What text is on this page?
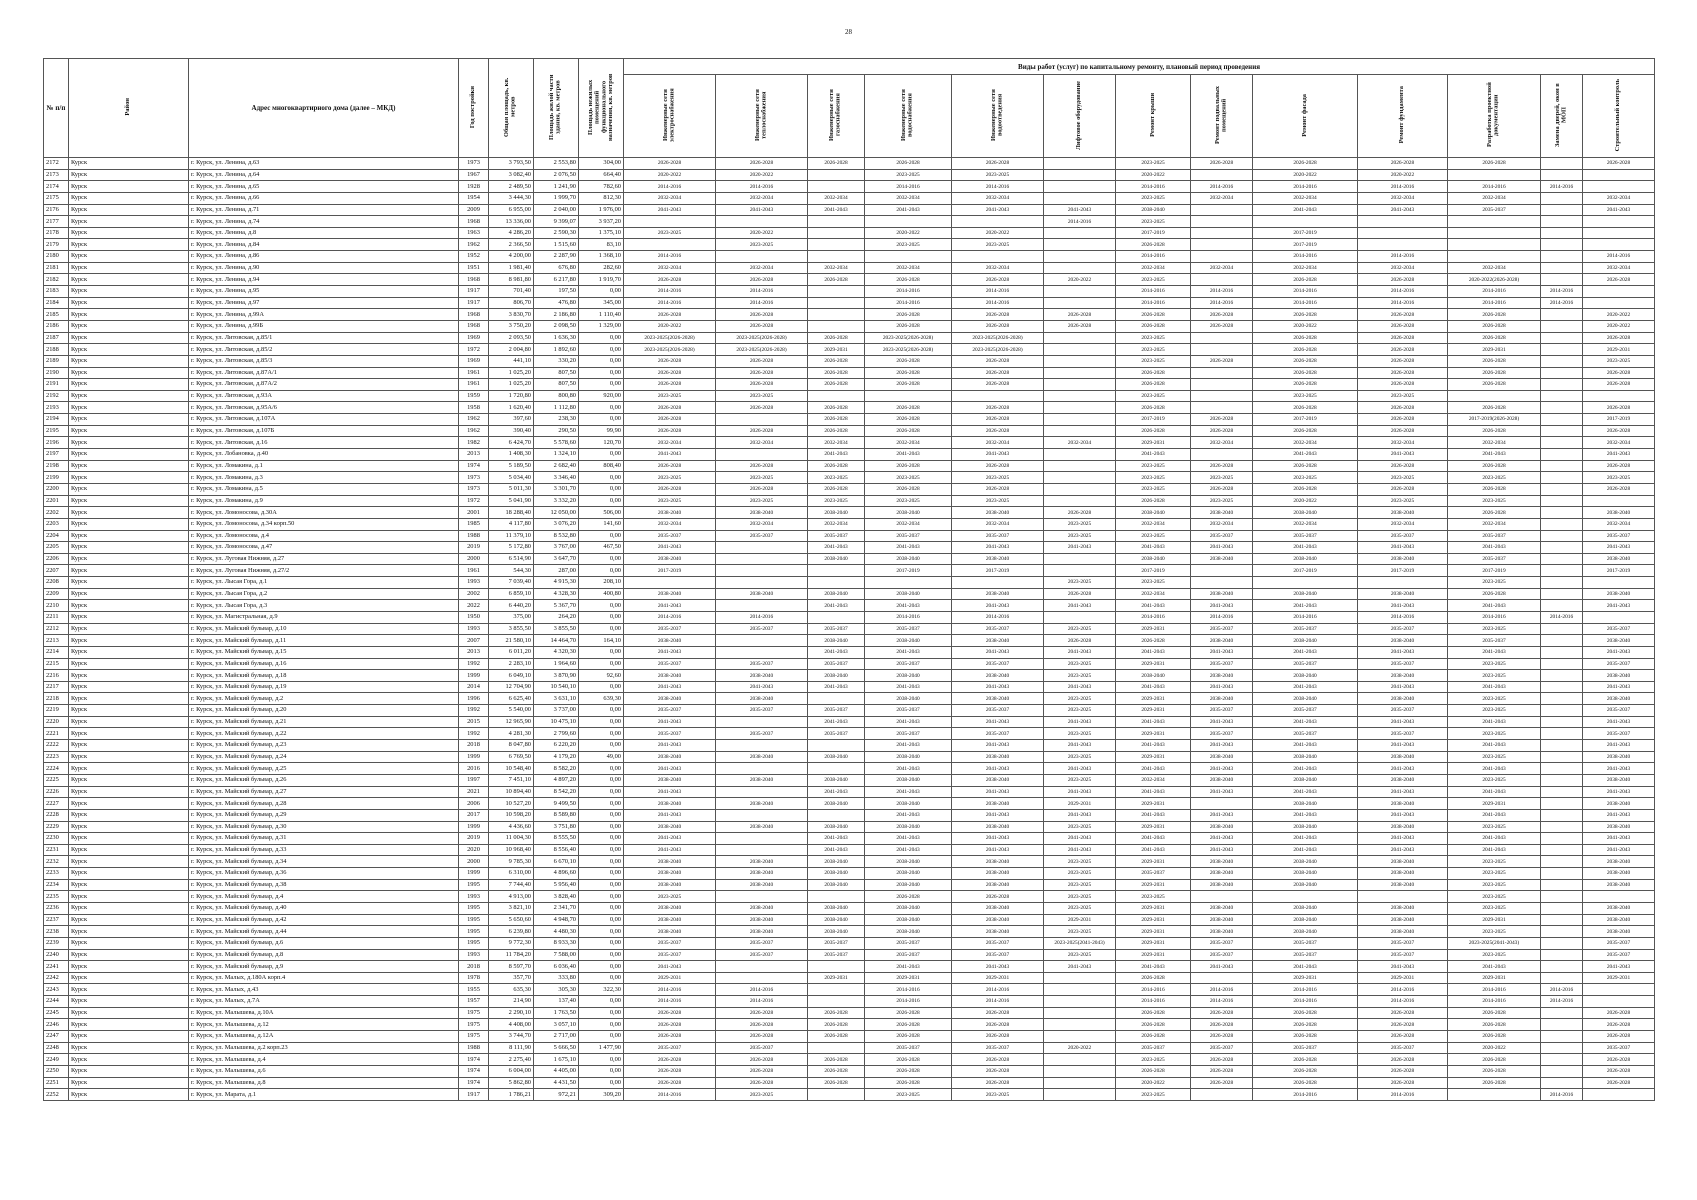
28
№ п/п	Район	Адрес многоквартирного дома (далее – МКД)	Год постройки	Общая площадь, кв. метров	Площадь жилой части здания, кв. метров	Площадь нежилых помещений функционального назначения, кв. метров	Виды работ (услуг) по капитальному ремонту, плановый период проведения												
							Инженерные сети электроснабжения	Инженерные сети теплоснабжения	Инженерные сети газоснабжения	Инженерные сети водоснабжения	Инженерные сети водоотведения	Лифтовое оборудование	Ремонт крыши	Ремонт подвальных помещений	Ремонт фасада	Ремонт фундамента	Разработка проектной документации	Замена дверей, окон в МОП	Строительный контроль
2172	Курск	г. Курск, ул. Ленина, д.63	1973	3 793,50	2 553,80	304,00	2026-2028	2026-2028	2026-2028	2026-2028	2026-2028		2023-2025	2026-2028	2026-2028	2026-2028	2026-2028		2026-2028
2173	Курск	г. Курск, ул. Ленина, д.64	1967	3 082,40	2 076,50	664,40	2020-2022	2020-2022		2023-2025	2023-2025		2020-2022		2020-2022	2020-2022			
2174	Курск	г. Курск, ул. Ленина, д.65	1928	2 489,50	1 241,90	782,60	2014-2016	2014-2016		2014-2016	2014-2016		2014-2016	2014-2016	2014-2016	2014-2016	2014-2016	2014-2016	
2175	Курск	г. Курск, ул. Ленина, д.66	1954	3 444,30	1 999,70	812,30	2032-2034	2032-2034	2032-2034	2032-2034	2032-2034		2023-2025	2032-2034	2032-2034	2032-2034	2032-2034		2032-2034
2176	Курск	г. Курск, ул. Ленина, д.71	2009	6 955,00	2 040,00	1 976,00	2041-2043	2041-2043	2041-2043	2041-2043	2041-2043	2041-2043	2038-2040		2041-2043	2041-2043	2035-2037		2041-2043
2177	Курск	г. Курск, ул. Ленина, д.74	1968	13 336,00	9 399,07	3 937,20						2014-2016	2023-2025						
2178	Курск	г. Курск, ул. Ленина, д.8	1963	4 286,20	2 590,30	1 375,10	2023-2025	2020-2022		2020-2022	2020-2022		2017-2019		2017-2019				
2179	Курск	г. Курск, ул. Ленина, д.84	1962	2 366,50	1 515,60	83,10		2023-2025		2023-2025	2023-2025		2026-2028		2017-2019				
2180	Курск	г. Курск, ул. Ленина, д.86	1952	4 200,00	2 287,90	1 368,10	2014-2016						2014-2016		2014-2016	2014-2016			2014-2016
2181	Курск	г. Курск, ул. Ленина, д.90	1951	1 981,40	676,80	282,60	2032-2034	2032-2034	2032-2034	2032-2034	2032-2034		2032-2034	2032-2034	2032-2034	2032-2034	2032-2034		2032-2034
2182	Курск	г. Курск, ул. Ленина, д.94	1968	8 981,80	6 217,80	1 919,70	2026-2028	2026-2028	2026-2028	2026-2028	2026-2028	2020-2022	2023-2025		2026-2028	2026-2028	2020-2022(2026-2028)		2026-2028
2183	Курск	г. Курск, ул. Ленина, д.95	1917	701,40	197,50	0,00	2014-2016	2014-2016		2014-2016	2014-2016		2014-2016	2014-2016	2014-2016	2014-2016	2014-2016	2014-2016	
2184	Курск	г. Курск, ул. Ленина, д.97	1917	806,70	476,80	345,00	2014-2016	2014-2016		2014-2016	2014-2016		2014-2016	2014-2016	2014-2016	2014-2016	2014-2016	2014-2016	
2185	Курск	г. Курск, ул. Ленина, д.99А	1968	3 830,70	2 186,80	1 110,40	2026-2028	2026-2028		2026-2028	2026-2028	2026-2028	2026-2028	2026-2028	2026-2028	2026-2028	2026-2028		2020-2022
2186	Курск	г. Курск, ул. Ленина, д.99Б	1968	3 750,20	2 098,50	1 329,00	2020-2022	2026-2028		2026-2028	2026-2028	2026-2028	2026-2028	2026-2028	2020-2022	2026-2028	2026-2028		2020-2022
2187	Курск	г. Курск, ул. Литовская, д.85/1	1969	2 093,50	1 636,30	0,00	2023-2025(2026-2028)	2023-2025(2026-2028)	2026-2028	2023-2025(2026-2028)	2023-2025(2026-2028)		2023-2025		2026-2028	2026-2028	2026-2028		2026-2028
2188	Курск	г. Курск, ул. Литовская, д.85/2	1972	2 004,80	1 892,60	0,00	2023-2025(2026-2028)	2023-2025(2026-2028)	2029-2031	2023-2025(2026-2028)	2023-2025(2026-2028)		2023-2025		2026-2028	2026-2028	2029-2031		2029-2031
2189	Курск	г. Курск, ул. Литовская, д.85/3	1969	441,10	330,20	0,00	2026-2028	2026-2028	2026-2028	2026-2028	2026-2028		2023-2025	2026-2028	2026-2028	2026-2028	2026-2028		2023-2025
2190	Курск	г. Курск, ул. Литовская, д.87А/1	1961	1 025,20	807,50	0,00	2026-2028	2026-2028	2026-2028	2026-2028	2026-2028		2026-2028		2026-2028	2026-2028	2026-2028		2026-2028
2191	Курск	г. Курск, ул. Литовская, д.87А/2	1961	1 025,20	807,50	0,00	2026-2028	2026-2028	2026-2028	2026-2028	2026-2028		2026-2028		2026-2028	2026-2028	2026-2028		2026-2028
2192	Курск	г. Курск, ул. Литовская, д.93А	1959	1 720,80	800,80	920,00	2023-2025	2023-2025					2023-2025		2023-2025	2023-2025			
2193	Курск	г. Курск, ул. Литовская, д.95А/6	1958	1 620,40	1 112,80	0,00	2026-2028	2026-2028	2026-2028	2026-2028	2026-2028		2026-2028		2026-2028	2026-2028	2026-2028		2026-2028
2194	Курск	г. Курск, ул. Литовская, д.107А	1962	397,60	238,30	0,00	2026-2028		2026-2028	2026-2028	2026-2028		2017-2019	2026-2028	2017-2019	2026-2028	2017-2019(2026-2028)		2017-2019
2195	Курск	г. Курск, ул. Литовская, д.107Б	1962	390,40	290,50	99,90	2026-2028	2026-2028	2026-2028	2026-2028	2026-2028		2026-2028	2026-2028	2026-2028	2026-2028	2026-2028		2026-2028
2196	Курск	г. Курск, ул. Литовская, д.16	1982	6 424,70	5 578,60	120,70	2032-2034	2032-2034	2032-2034	2032-2034	2032-2034	2032-2034	2029-2031	2032-2034	2032-2034	2032-2034	2032-2034		2032-2034
2197	Курск	г. Курск, ул. Лобановка, д.40	2013	1 408,30	1 324,10	0,00	2041-2043		2041-2043	2041-2043	2041-2043		2041-2043		2041-2043	2041-2043	2041-2043		2041-2043
2198	Курск	г. Курск, ул. Ломакина, д.1	1974	5 189,50	2 682,40	808,40	2026-2028	2026-2028	2026-2028	2026-2028	2026-2028		2023-2025	2026-2028	2026-2028	2026-2028	2026-2028		2026-2028
2199	Курск	г. Курск, ул. Ломакина, д.3	1973	5 034,40	3 346,40	0,00	2023-2025	2023-2025	2023-2025	2023-2025	2023-2025		2023-2025	2023-2025	2023-2025	2023-2025	2023-2025		2023-2025
2200	Курск	г. Курск, ул. Ломакина, д.5	1973	5 011,30	3 301,70	0,00	2026-2028	2026-2028	2026-2028	2026-2028	2026-2028		2023-2025	2026-2028	2026-2028	2026-2028	2026-2028		2026-2028
2201	Курск	г. Курск, ул. Ломакина, д.9	1972	5 041,90	3 332,20	0,00	2023-2025	2023-2025	2023-2025	2023-2025	2023-2025		2026-2028	2023-2025	2020-2022	2023-2025	2023-2025		
2202	Курск	г. Курск, ул. Ломоносова, д.30А	2001	18 288,40	12 050,00	506,00	2038-2040	2038-2040	2038-2040	2038-2040	2038-2040	2026-2028	2038-2040	2038-2040	2038-2040	2038-2040	2026-2028		2038-2040
2203	Курск	г. Курск, ул. Ломоносова, д.34 корп.50	1985	4 117,80	3 076,20	141,60	2032-2034	2032-2034	2032-2034	2032-2034	2032-2034	2023-2025	2032-2034	2032-2034	2032-2034	2032-2034	2032-2034		2032-2034
2204	Курск	г. Курск, ул. Ломоносова, д.4	1988	11 379,10	8 532,80	0,00	2035-2037	2035-2037	2035-2037	2035-2037	2035-2037	2023-2025	2023-2025	2035-2037	2035-2037	2035-2037	2035-2037		2035-2037
2205	Курск	г. Курск, ул. Ломоносова, д.47	2019	5 172,80	3 767,00	467,50	2041-2043		2041-2043	2041-2043	2041-2043	2041-2043	2041-2043	2041-2043	2041-2043	2041-2043	2041-2043		2041-2043
2206	Курск	г. Курск, ул. Луговая Нижняя, д.27	2000	6 514,90	3 647,70	0,00	2038-2040		2038-2040	2038-2040	2038-2040		2038-2040	2038-2040	2038-2040	2038-2040	2035-2037		2038-2040
2207	Курск	г. Курск, ул. Луговая Нижняя, д.27/2	1961	544,30	287,00	0,00	2017-2019			2017-2019	2017-2019		2017-2019		2017-2019	2017-2019	2017-2019		2017-2019
2208	Курск	г. Курск, ул. Лысая Гора, д.1	1993	7 039,40	4 915,30	208,10						2023-2025	2023-2025				2023-2025		
2209	Курск	г. Курск, ул. Лысая Гора, д.2	2002	6 859,10	4 328,30	400,80	2038-2040	2038-2040	2038-2040	2038-2040	2038-2040	2026-2028	2032-2034	2038-2040	2038-2040	2038-2040	2026-2028		2038-2040
2210	Курск	г. Курск, ул. Лысая Гора, д.3	2022	6 440,20	5 367,70	0,00	2041-2043		2041-2043	2041-2043	2041-2043	2041-2043	2041-2043	2041-2043	2041-2043	2041-2043	2041-2043		2041-2043
2211	Курск	г. Курск, ул. Магистральная, д.9	1950	375,00	264,20	0,00	2014-2016	2014-2016		2014-2016	2014-2016		2014-2016	2014-2016	2014-2016	2014-2016	2014-2016	2014-2016	
2212	Курск	г. Курск, ул. Майский бульвар, д.10	1993	3 855,50	3 855,50	0,00	2035-2037	2035-2037	2035-2037	2035-2037	2035-2037	2023-2025	2029-2031	2035-2037	2035-2037	2035-2037	2023-2025		2035-2037
2213	Курск	г. Курск, ул. Майский бульвар, д.11	2007	21 580,10	14 464,70	164,10	2038-2040		2038-2040	2038-2040	2038-2040	2026-2028	2026-2028	2038-2040	2038-2040	2038-2040	2035-2037		2038-2040
2214	Курск	г. Курск, ул. Майский бульвар, д.15	2013	6 011,20	4 320,30	0,00	2041-2043		2041-2043	2041-2043	2041-2043	2041-2043	2041-2043	2041-2043	2041-2043	2041-2043	2041-2043		2041-2043
2215	Курск	г. Курск, ул. Майский бульвар, д.16	1992	2 283,10	1 964,60	0,00	2035-2037	2035-2037	2035-2037	2035-2037	2035-2037	2023-2025	2029-2031	2035-2037	2035-2037	2035-2037	2023-2025		2035-2037
2216	Курск	г. Курск, ул. Майский бульвар, д.18	1999	6 049,10	3 870,90	92,60	2038-2040	2038-2040	2038-2040	2038-2040	2038-2040	2023-2025	2038-2040	2038-2040	2038-2040	2038-2040	2023-2025		2038-2040
2217	Курск	г. Курск, ул. Майский бульвар, д.19	2014	12 704,90	10 540,10	0,00	2041-2043	2041-2043	2041-2043	2041-2043	2041-2043	2041-2043	2041-2043	2041-2043	2041-2043	2041-2043	2041-2043		2041-2043
2218	Курск	г. Курск, ул. Майский бульвар, д.2	1996	6 625,40	3 631,10	639,30	2038-2040	2038-2040		2038-2040	2038-2040	2023-2025	2029-2031	2038-2040	2038-2040	2038-2040	2023-2025		2038-2040
2219	Курск	г. Курск, ул. Майский бульвар, д.20	1992	5 540,00	3 737,00	0,00	2035-2037	2035-2037	2035-2037	2035-2037	2035-2037	2023-2025	2029-2031	2035-2037	2035-2037	2035-2037	2023-2025		2035-2037
2220	Курск	г. Курск, ул. Майский бульвар, д.21	2015	12 965,90	10 475,10	0,00	2041-2043		2041-2043	2041-2043	2041-2043	2041-2043	2041-2043	2041-2043	2041-2043	2041-2043	2041-2043		2041-2043
2221	Курск	г. Курск, ул. Майский бульвар, д.22	1992	4 281,30	2 799,60	0,00	2035-2037	2035-2037	2035-2037	2035-2037	2035-2037	2023-2025	2029-2031	2035-2037	2035-2037	2035-2037	2023-2025		2035-2037
2222	Курск	г. Курск, ул. Майский бульвар, д.23	2018	8 047,80	6 220,20	0,00	2041-2043			2041-2043	2041-2043	2041-2043	2041-2043	2041-2043	2041-2043	2041-2043	2041-2043		2041-2043
2223	Курск	г. Курск, ул. Майский бульвар, д.24	1999	6 769,50	4 179,20	49,00	2038-2040	2038-2040	2038-2040	2038-2040	2038-2040	2023-2025	2029-2031	2038-2040	2038-2040	2038-2040	2023-2025		2038-2040
2224	Курск	г. Курск, ул. Майский бульвар, д.25	2016	10 548,40	8 582,20	0,00	2041-2043			2041-2043	2041-2043	2041-2043	2041-2043	2041-2043	2041-2043	2041-2043	2041-2043		2041-2043
2225	Курск	г. Курск, ул. Майский бульвар, д.26	1997	7 451,10	4 897,20	0,00	2038-2040	2038-2040	2038-2040	2038-2040	2038-2040	2023-2025	2032-2034	2038-2040	2038-2040	2038-2040	2023-2025		2038-2040
2226	Курск	г. Курск, ул. Майский бульвар, д.27	2021	10 894,40	8 542,20	0,00	2041-2043		2041-2043	2041-2043	2041-2043	2041-2043	2041-2043	2041-2043	2041-2043	2041-2043	2041-2043		2041-2043
2227	Курск	г. Курск, ул. Майский бульвар, д.28	2006	10 527,20	9 499,50	0,00	2038-2040	2038-2040	2038-2040	2038-2040	2038-2040	2029-2031	2029-2031		2038-2040	2038-2040	2029-2031		2038-2040
2228	Курск	г. Курск, ул. Майский бульвар, д.29	2017	10 598,20	8 589,80	0,00	2041-2043			2041-2043	2041-2043	2041-2043	2041-2043	2041-2043	2041-2043	2041-2043	2041-2043		2041-2043
2229	Курск	г. Курск, ул. Майский бульвар, д.30	1999	4 436,60	3 751,80	0,00	2038-2040	2038-2040	2038-2040	2038-2040	2038-2040	2023-2025	2029-2031	2038-2040	2038-2040	2038-2040	2023-2025		2038-2040
2230	Курск	г. Курск, ул. Майский бульвар, д.31	2019	11 004,30	8 555,50	0,00	2041-2043		2041-2043	2041-2043	2041-2043	2041-2043	2041-2043	2041-2043	2041-2043	2041-2043	2041-2043		2041-2043
2231	Курск	г. Курск, ул. Майский бульвар, д.33	2020	10 968,40	8 556,40	0,00	2041-2043		2041-2043	2041-2043	2041-2043	2041-2043	2041-2043	2041-2043	2041-2043	2041-2043	2041-2043		2041-2043
2232	Курск	г. Курск, ул. Майский бульвар, д.34	2000	9 785,30	6 670,10	0,00	2038-2040	2038-2040	2038-2040	2038-2040	2038-2040	2023-2025	2029-2031	2038-2040	2038-2040	2038-2040	2023-2025		2038-2040
2233	Курск	г. Курск, ул. Майский бульвар, д.36	1999	6 310,00	4 896,60	0,00	2038-2040	2038-2040	2038-2040	2038-2040	2038-2040	2023-2025	2035-2037	2038-2040	2038-2040	2038-2040	2023-2025		2038-2040
2234	Курск	г. Курск, ул. Майский бульвар, д.38	1995	7 744,40	5 956,40	0,00	2038-2040	2038-2040	2038-2040	2038-2040	2038-2040	2023-2025	2029-2031	2038-2040	2038-2040	2038-2040	2023-2025		2038-2040
2235	Курск	г. Курск, ул. Майский бульвар, д.4	1993	4 913,00	3 828,40	0,00	2023-2025			2026-2028	2026-2028	2023-2025	2023-2025				2023-2025		
2236	Курск	г. Курск, ул. Майский бульвар, д.40	1995	3 821,10	2 341,70	0,00	2038-2040	2038-2040	2038-2040	2038-2040	2038-2040	2023-2025	2029-2031	2038-2040	2038-2040	2038-2040	2023-2025		2038-2040
2237	Курск	г. Курск, ул. Майский бульвар, д.42	1995	5 650,60	4 948,70	0,00	2038-2040	2038-2040	2038-2040	2038-2040	2038-2040	2029-2031	2029-2031	2038-2040	2038-2040	2038-2040	2029-2031		2038-2040
2238	Курск	г. Курск, ул. Майский бульвар, д.44	1995	6 239,80	4 480,30	0,00	2038-2040	2038-2040	2038-2040	2038-2040	2038-2040	2023-2025	2029-2031	2038-2040	2038-2040	2038-2040	2023-2025		2038-2040
2239	Курск	г. Курск, ул. Майский бульвар, д.6	1995	9 772,30	8 933,30	0,00	2035-2037	2035-2037	2035-2037	2035-2037	2035-2037	2023-2025(2041-2043)	2029-2031	2035-2037	2035-2037	2035-2037	2023-2025(2041-2043)		2035-2037
2240	Курск	г. Курск, ул. Майский бульвар, д.8	1993	11 784,20	7 588,00	0,00	2035-2037	2035-2037	2035-2037	2035-2037	2035-2037	2023-2025	2029-2031	2035-2037	2035-2037	2035-2037	2023-2025		2035-2037
2241	Курск	г. Курск, ул. Майский бульвар, д.9	2018	8 597,70	6 036,40	0,00	2041-2043			2041-2043	2041-2043	2041-2043	2041-2043	2041-2043	2041-2043	2041-2043	2041-2043		2041-2043
2242	Курск	г. Курск, ул. Малых, д.180А корп.4	1978	357,70	333,80	0,00	2029-2031		2029-2031	2029-2031	2029-2031		2026-2028		2029-2031	2029-2031	2029-2031		2029-2031
2243	Курск	г. Курск, ул. Малых, д.43	1955	635,30	305,30	322,30	2014-2016	2014-2016		2014-2016	2014-2016		2014-2016	2014-2016	2014-2016	2014-2016	2014-2016	2014-2016	
2244	Курск	г. Курск, ул. Малых, д.7А	1957	214,90	137,40	0,00	2014-2016	2014-2016		2014-2016	2014-2016		2014-2016	2014-2016	2014-2016	2014-2016	2014-2016	2014-2016	
2245	Курск	г. Курск, ул. Малышева, д.10А	1975	2 290,10	1 763,50	0,00	2026-2028	2026-2028	2026-2028	2026-2028	2026-2028		2026-2028	2026-2028	2026-2028	2026-2028	2026-2028		2026-2028
2246	Курск	г. Курск, ул. Малышева, д.12	1975	4 408,00	3 057,10	0,00	2026-2028	2026-2028	2026-2028	2026-2028	2026-2028		2026-2028	2026-2028	2026-2028	2026-2028	2026-2028		2026-2028
2247	Курск	г. Курск, ул. Малышева, д.12А	1975	3 744,70	2 717,00	0,00	2026-2028	2026-2028	2026-2028	2026-2028	2026-2028		2026-2028	2026-2028	2026-2028	2026-2028	2026-2028		2026-2028
2248	Курск	г. Курск, ул. Малышева, д.2 корп.23	1988	8 111,90	5 666,50	1 477,90	2035-2037	2035-2037		2035-2037	2035-2037	2020-2022	2035-2037	2035-2037	2035-2037	2035-2037	2020-2022		2035-2037
2249	Курск	г. Курск, ул. Малышева, д.4	1974	2 275,40	1 675,10	0,00	2026-2028	2026-2028	2026-2028	2026-2028	2026-2028		2023-2025	2026-2028	2026-2028	2026-2028	2026-2028		2026-2028
2250	Курск	г. Курск, ул. Малышева, д.6	1974	6 004,00	4 405,00	0,00	2026-2028	2026-2028	2026-2028	2026-2028	2026-2028		2026-2028	2026-2028	2026-2028	2026-2028	2026-2028		2026-2028
2251	Курск	г. Курск, ул. Малышева, д.8	1974	5 862,80	4 431,50	0,00	2026-2028	2026-2028	2026-2028	2026-2028	2026-2028		2020-2022	2026-2028	2026-2028	2026-2028	2026-2028		2026-2028
2252	Курск	г. Курск, ул. Марата, д.1	1917	1 786,21	972,21	309,20	2014-2016	2023-2025		2023-2025	2023-2025		2023-2025		2014-2016	2014-2016		2014-2016	
